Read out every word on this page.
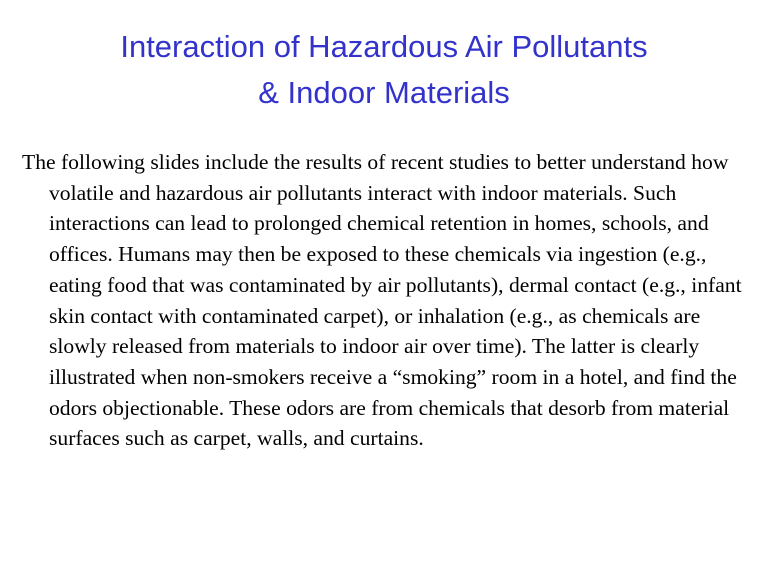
Interaction of Hazardous Air Pollutants
& Indoor Materials

The following slides include the results of recent studies to better understand how volatile and hazardous air pollutants interact with indoor materials. Such interactions can lead to prolonged chemical retention in homes, schools, and offices. Humans may then be exposed to these chemicals via ingestion (e.g., eating food that was contaminated by air pollutants), dermal contact (e.g., infant skin contact with contaminated carpet), or inhalation (e.g., as chemicals are slowly released from materials to indoor air over time). The latter is clearly illustrated when non-smokers receive a “smoking” room in a hotel, and find the odors objectionable. These odors are from chemicals that desorb from material surfaces such as carpet, walls, and curtains.
